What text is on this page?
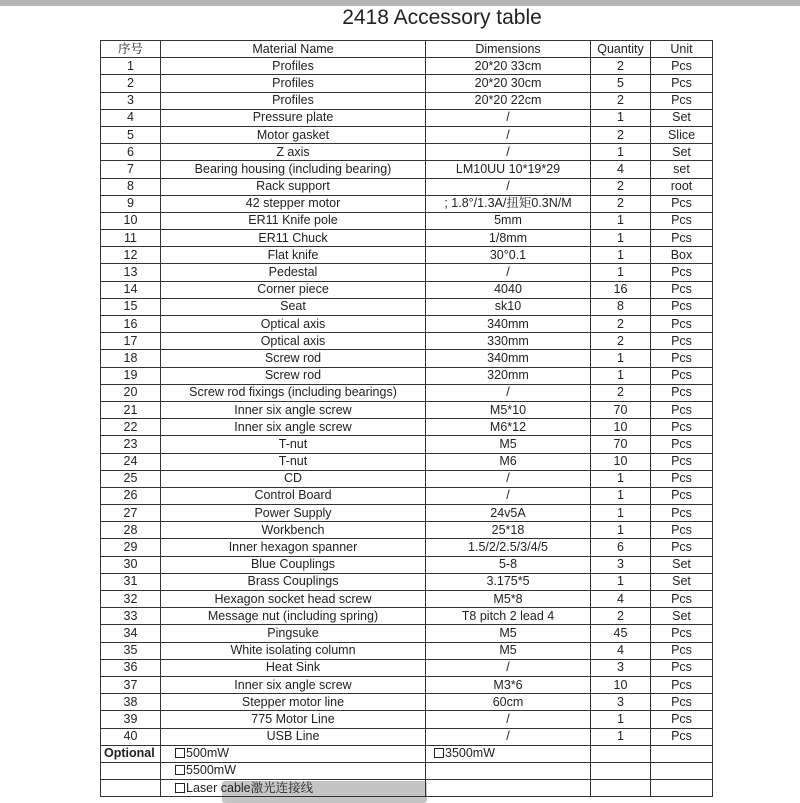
2418 Accessory table
序号	Material Name	Dimensions	Quantity	Unit
1	Profiles	20*20 33cm	2	Pcs
2	Profiles	20*20 30cm	5	Pcs
3	Profiles	20*20 22cm	2	Pcs
4	Pressure plate	/	1	Set
5	Motor gasket	/	2	Slice
6	Z axis	/	1	Set
7	Bearing housing (including bearing)	LM10UU 10*19*29	4	set
8	Rack support	/	2	root
9	42 stepper motor	; 1.8°/1.3A/扭矩0.3N/M	2	Pcs
10	ER11 Knife pole	5mm	1	Pcs
11	ER11 Chuck	1/8mm	1	Pcs
12	Flat knife	30°0.1	1	Box
13	Pedestal	/	1	Pcs
14	Corner piece	4040	16	Pcs
15	Seat	sk10	8	Pcs
16	Optical axis	340mm	2	Pcs
17	Optical axis	330mm	2	Pcs
18	Screw rod	340mm	1	Pcs
19	Screw rod	320mm	1	Pcs
20	Screw rod fixings (including bearings)	/	2	Pcs
21	Inner six angle screw	M5*10	70	Pcs
22	Inner six angle screw	M6*12	10	Pcs
23	T-nut	M5	70	Pcs
24	T-nut	M6	10	Pcs
25	CD	/	1	Pcs
26	Control Board	/	1	Pcs
27	Power Supply	24v5A	1	Pcs
28	Workbench	25*18	1	Pcs
29	Inner hexagon spanner	1.5/2/2.5/3/4/5	6	Pcs
30	Blue Couplings	5-8	3	Set
31	Brass Couplings	3.175*5	1	Set
32	Hexagon socket head screw	M5*8	4	Pcs
33	Message nut (including spring)	T8 pitch 2 lead 4	2	Set
34	Pingsuke	M5	45	Pcs
35	White isolating column	M5	4	Pcs
36	Heat Sink	/	3	Pcs
37	Inner six angle screw	M3*6	10	Pcs
38	Stepper motor line	60cm	3	Pcs
39	775 Motor Line	/	1	Pcs
40	USB Line	/	1	Pcs
Optional	500mW	3500mW		
	5500mW			
	Laser cable激光连接线			
